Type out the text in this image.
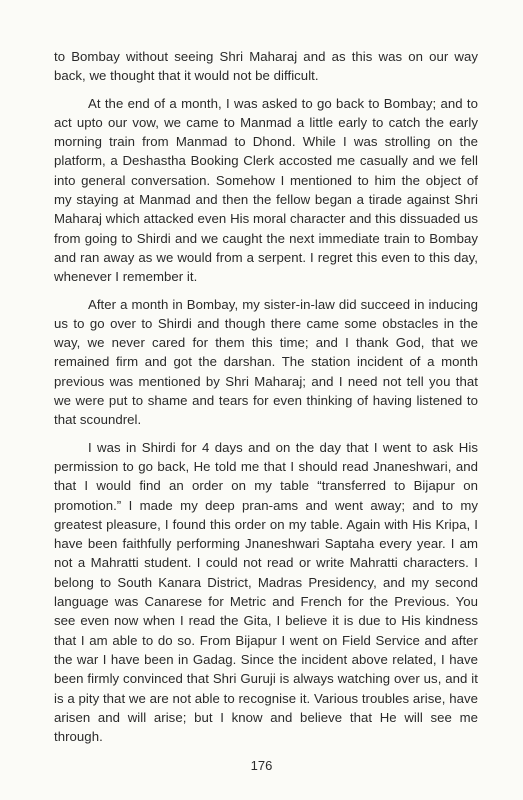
to Bombay without seeing Shri Maharaj and as this was on our way back, we thought that it would not be difficult.

At the end of a month, I was asked to go back to Bombay; and to act upto our vow, we came to Manmad a little early to catch the early morning train from Manmad to Dhond. While I was strolling on the platform, a Deshastha Booking Clerk accosted me casually and we fell into general conversation. Somehow I mentioned to him the object of my staying at Manmad and then the fellow began a tirade against Shri Maharaj which attacked even His moral character and this dissuaded us from going to Shirdi and we caught the next immediate train to Bombay and ran away as we would from a serpent. I regret this even to this day, whenever I remember it.

After a month in Bombay, my sister-in-law did succeed in inducing us to go over to Shirdi and though there came some obstacles in the way, we never cared for them this time; and I thank God, that we remained firm and got the darshan. The station incident of a month previous was mentioned by Shri Maharaj; and I need not tell you that we were put to shame and tears for even thinking of having listened to that scoundrel.

I was in Shirdi for 4 days and on the day that I went to ask His permission to go back, He told me that I should read Jnaneshwari, and that I would find an order on my table “transferred to Bijapur on promotion.” I made my deep pran-ams and went away; and to my greatest pleasure, I found this order on my table. Again with His Kripa, I have been faithfully performing Jnaneshwari Saptaha every year. I am not a Mahratti student. I could not read or write Mahratti characters. I belong to South Kanara District, Madras Presidency, and my second language was Canarese for Metric and French for the Previous. You see even now when I read the Gita, I believe it is due to His kindness that I am able to do so. From Bijapur I went on Field Service and after the war I have been in Gadag. Since the incident above related, I have been firmly convinced that Shri Guruji is always watching over us, and it is a pity that we are not able to recognise it. Various troubles arise, have arisen and will arise; but I know and believe that He will see me through.

176
